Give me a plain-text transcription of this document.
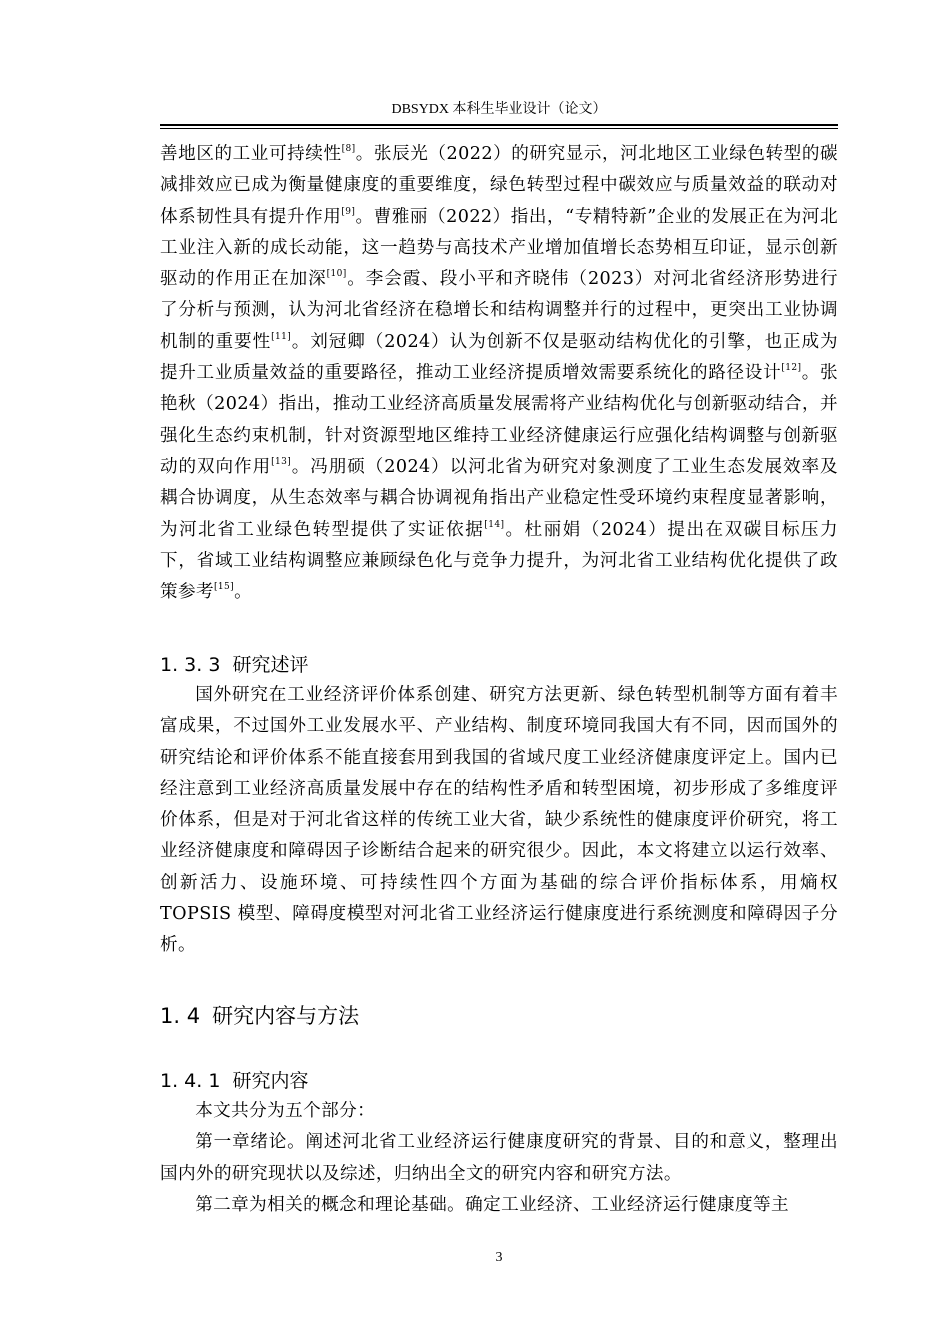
DBSYDX 本科生毕业设计（论文）

善地区的工业可持续性[8]。张辰光（2022）的研究显示，河北地区工业绿色转型的碳减排效应已成为衡量健康度的重要维度，绿色转型过程中碳效应与质量效益的联动对体系韧性具有提升作用[9]。曹雅丽（2022）指出，“专精特新”企业的发展正在为河北工业注入新的成长动能，这一趋势与高技术产业增加值增长态势相互印证，显示创新驱动的作用正在加深[10]。李会霞、段小平和齐晓伟（2023）对河北省经济形势进行了分析与预测，认为河北省经济在稳增长和结构调整并行的过程中，更突出工业协调机制的重要性[11]。刘冠卿（2024）认为创新不仅是驱动结构优化的引擎，也正成为提升工业质量效益的重要路径，推动工业经济提质增效需要系统化的路径设计[12]。张艳秋（2024）指出，推动工业经济高质量发展需将产业结构优化与创新驱动结合，并强化生态约束机制，针对资源型地区维持工业经济健康运行应强化结构调整与创新驱动的双向作用[13]。冯朋硕（2024）以河北省为研究对象测度了工业生态发展效率及耦合协调度，从生态效率与耦合协调视角指出产业稳定性受环境约束程度显著影响，为河北省工业绿色转型提供了实证依据[14]。杜丽娟（2024）提出在双碳目标压力下，省域工业结构调整应兼顾绿色化与竞争力提升，为河北省工业结构优化提供了政策参考[15]。

1. 3. 3 研究述评

国外研究在工业经济评价体系创建、研究方法更新、绿色转型机制等方面有着丰富成果，不过国外工业发展水平、产业结构、制度环境同我国大有不同，因而国外的研究结论和评价体系不能直接套用到我国的省域尺度工业经济健康度评定上。国内已经注意到工业经济高质量发展中存在的结构性矛盾和转型困境，初步形成了多维度评价体系，但是对于河北省这样的传统工业大省，缺少系统性的健康度评价研究，将工业经济健康度和障碍因子诊断结合起来的研究很少。因此，本文将建立以运行效率、创新活力、设施环境、可持续性四个方面为基础的综合评价指标体系，用熵权 TOPSIS 模型、障碍度模型对河北省工业经济运行健康度进行系统测度和障碍因子分析。

1. 4 研究内容与方法
1. 4. 1 研究内容

本文共分为五个部分：

第一章绪论。阐述河北省工业经济运行健康度研究的背景、目的和意义，整理出国内外的研究现状以及综述，归纳出全文的研究内容和研究方法。

第二章为相关的概念和理论基础。确定工业经济、工业经济运行健康度等主

3
